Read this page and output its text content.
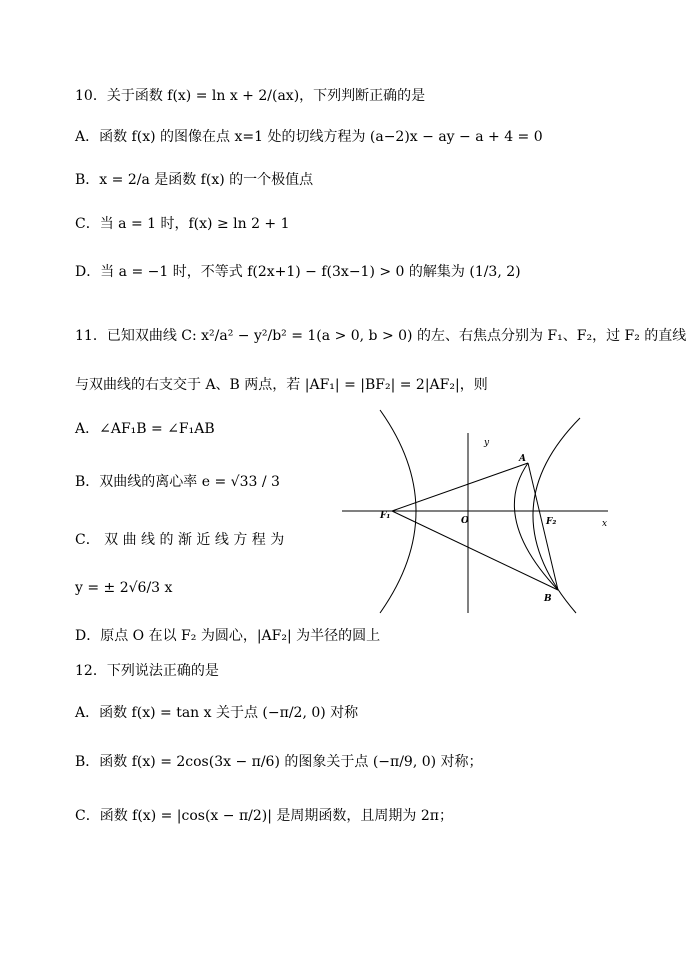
10．关于函数 f(x) = ln x + 2/(ax)，下列判断正确的是
A．函数 f(x) 的图像在点 x=1 处的切线方程为 (a−2)x − ay − a + 4 = 0
B．x = 2/a 是函数 f(x) 的一个极值点
C．当 a = 1 时，f(x) ≥ ln 2 + 1
D．当 a = −1 时，不等式 f(2x+1) − f(3x−1) > 0 的解集为 (1/3, 2)
11．已知双曲线 C: x²/a² − y²/b² = 1(a > 0, b > 0) 的左、右焦点分别为 F₁、F₂，过 F₂ 的直线
与双曲线的右支交于 A、B 两点，若 |AF₁| = |BF₂| = 2|AF₂|，则
A．∠AF₁B = ∠F₁AB
B．双曲线的离心率 e = √33 / 3
C． 双 曲 线 的 渐 近 线 方 程 为
y = ± 2√6/3 x
D．原点 O 在以 F₂ 为圆心，|AF₂| 为半径的圆上
12．下列说法正确的是
A．函数 f(x) = tan x 关于点 (−π/2, 0) 对称
B．函数 f(x) = 2cos(3x − π/6) 的图象关于点 (−π/9, 0) 对称；
C．函数 f(x) = |cos(x − π/2)| 是周期函数，且周期为 2π；
y
x
O
A
B
F₁
F₂
